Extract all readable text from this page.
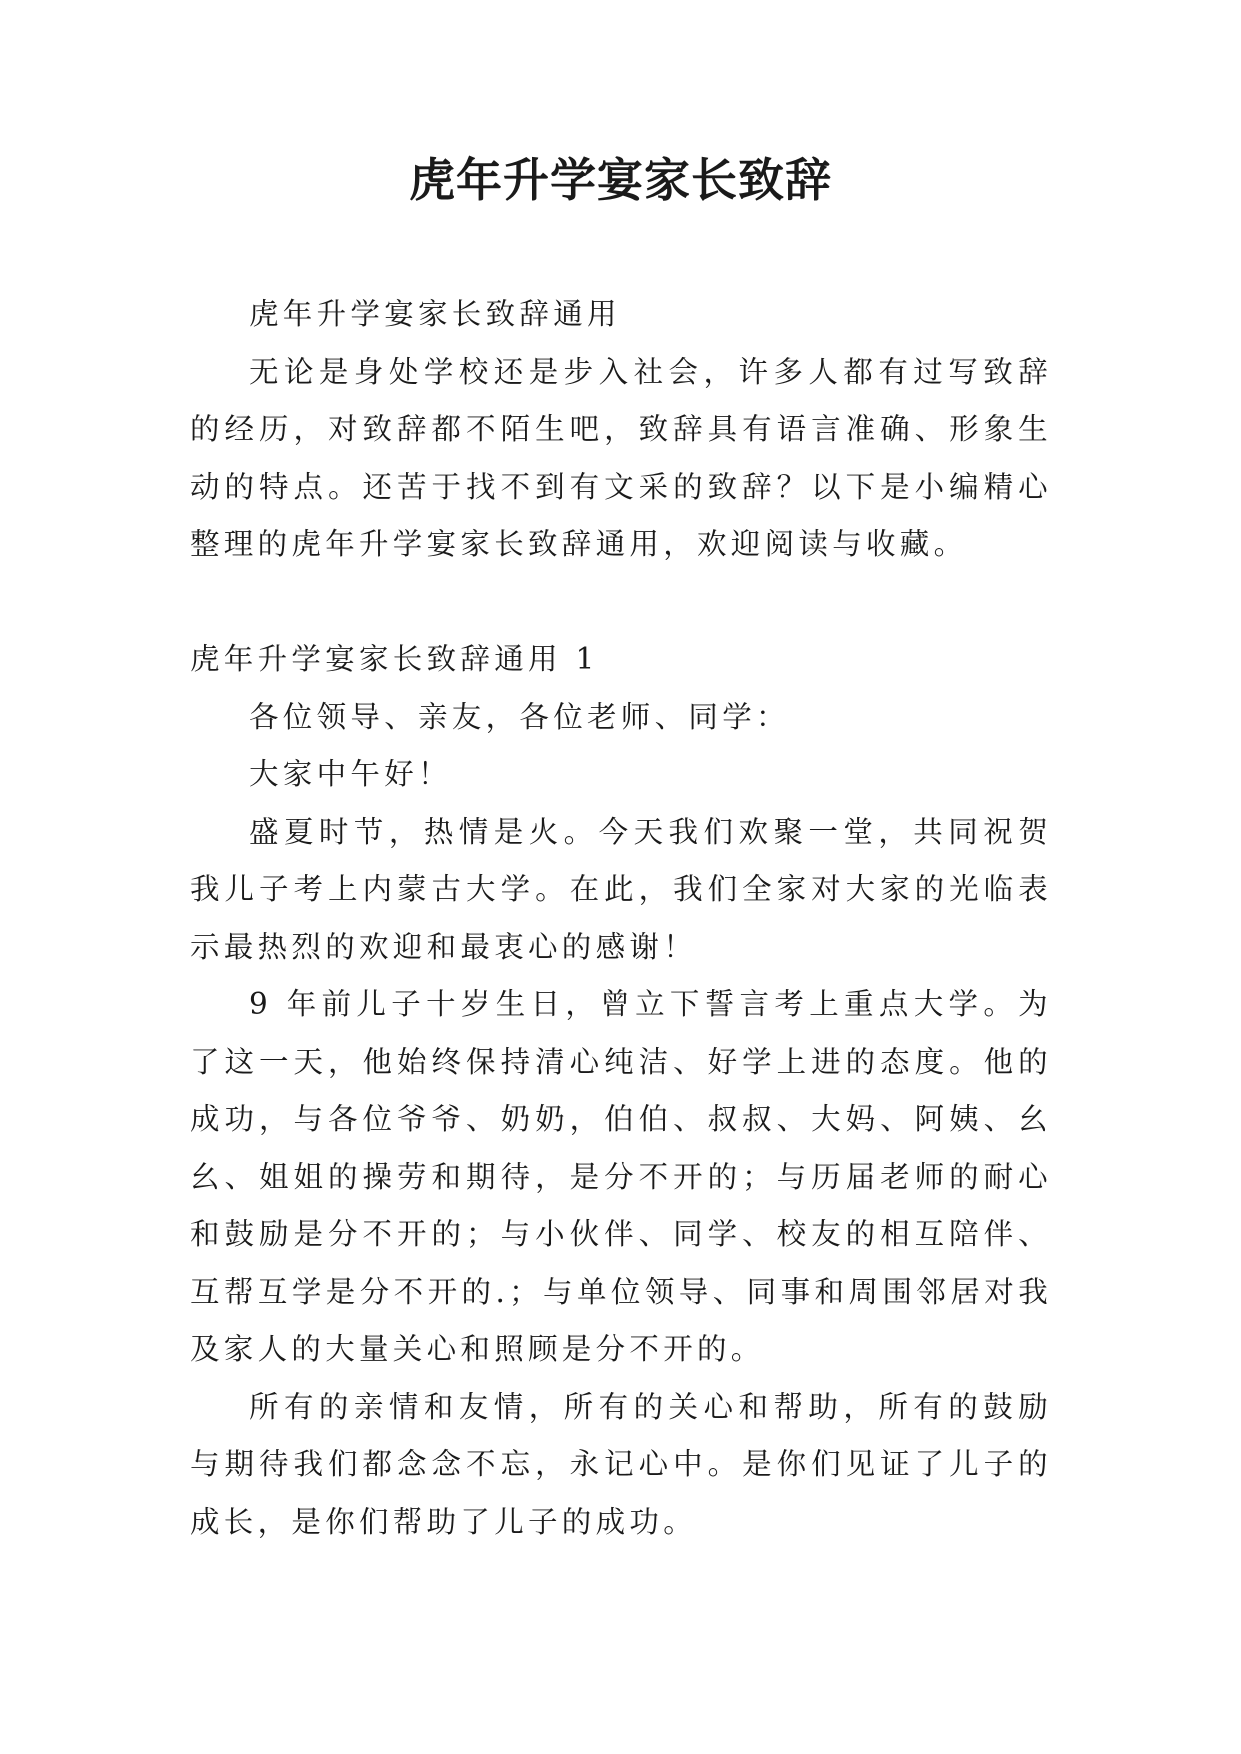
虎年升学宴家长致辞

虎年升学宴家长致辞通用

无论是身处学校还是步入社会，许多人都有过写致辞的经历，对致辞都不陌生吧，致辞具有语言准确、形象生动的特点。还苦于找不到有文采的致辞？以下是小编精心整理的虎年升学宴家长致辞通用，欢迎阅读与收藏。

虎年升学宴家长致辞通用 1

各位领导、亲友，各位老师、同学：

大家中午好！

盛夏时节，热情是火。今天我们欢聚一堂，共同祝贺我儿子考上内蒙古大学。在此，我们全家对大家的光临表示最热烈的欢迎和最衷心的感谢！

9 年前儿子十岁生日，曾立下誓言考上重点大学。为了这一天，他始终保持清心纯洁、好学上进的态度。他的成功，与各位爷爷、奶奶，伯伯、叔叔、大妈、阿姨、幺幺、姐姐的操劳和期待，是分不开的；与历届老师的耐心和鼓励是分不开的；与小伙伴、同学、校友的相互陪伴、互帮互学是分不开的.；与单位领导、同事和周围邻居对我及家人的大量关心和照顾是分不开的。

所有的亲情和友情，所有的关心和帮助，所有的鼓励与期待我们都念念不忘，永记心中。是你们见证了儿子的成长，是你们帮助了儿子的成功。
